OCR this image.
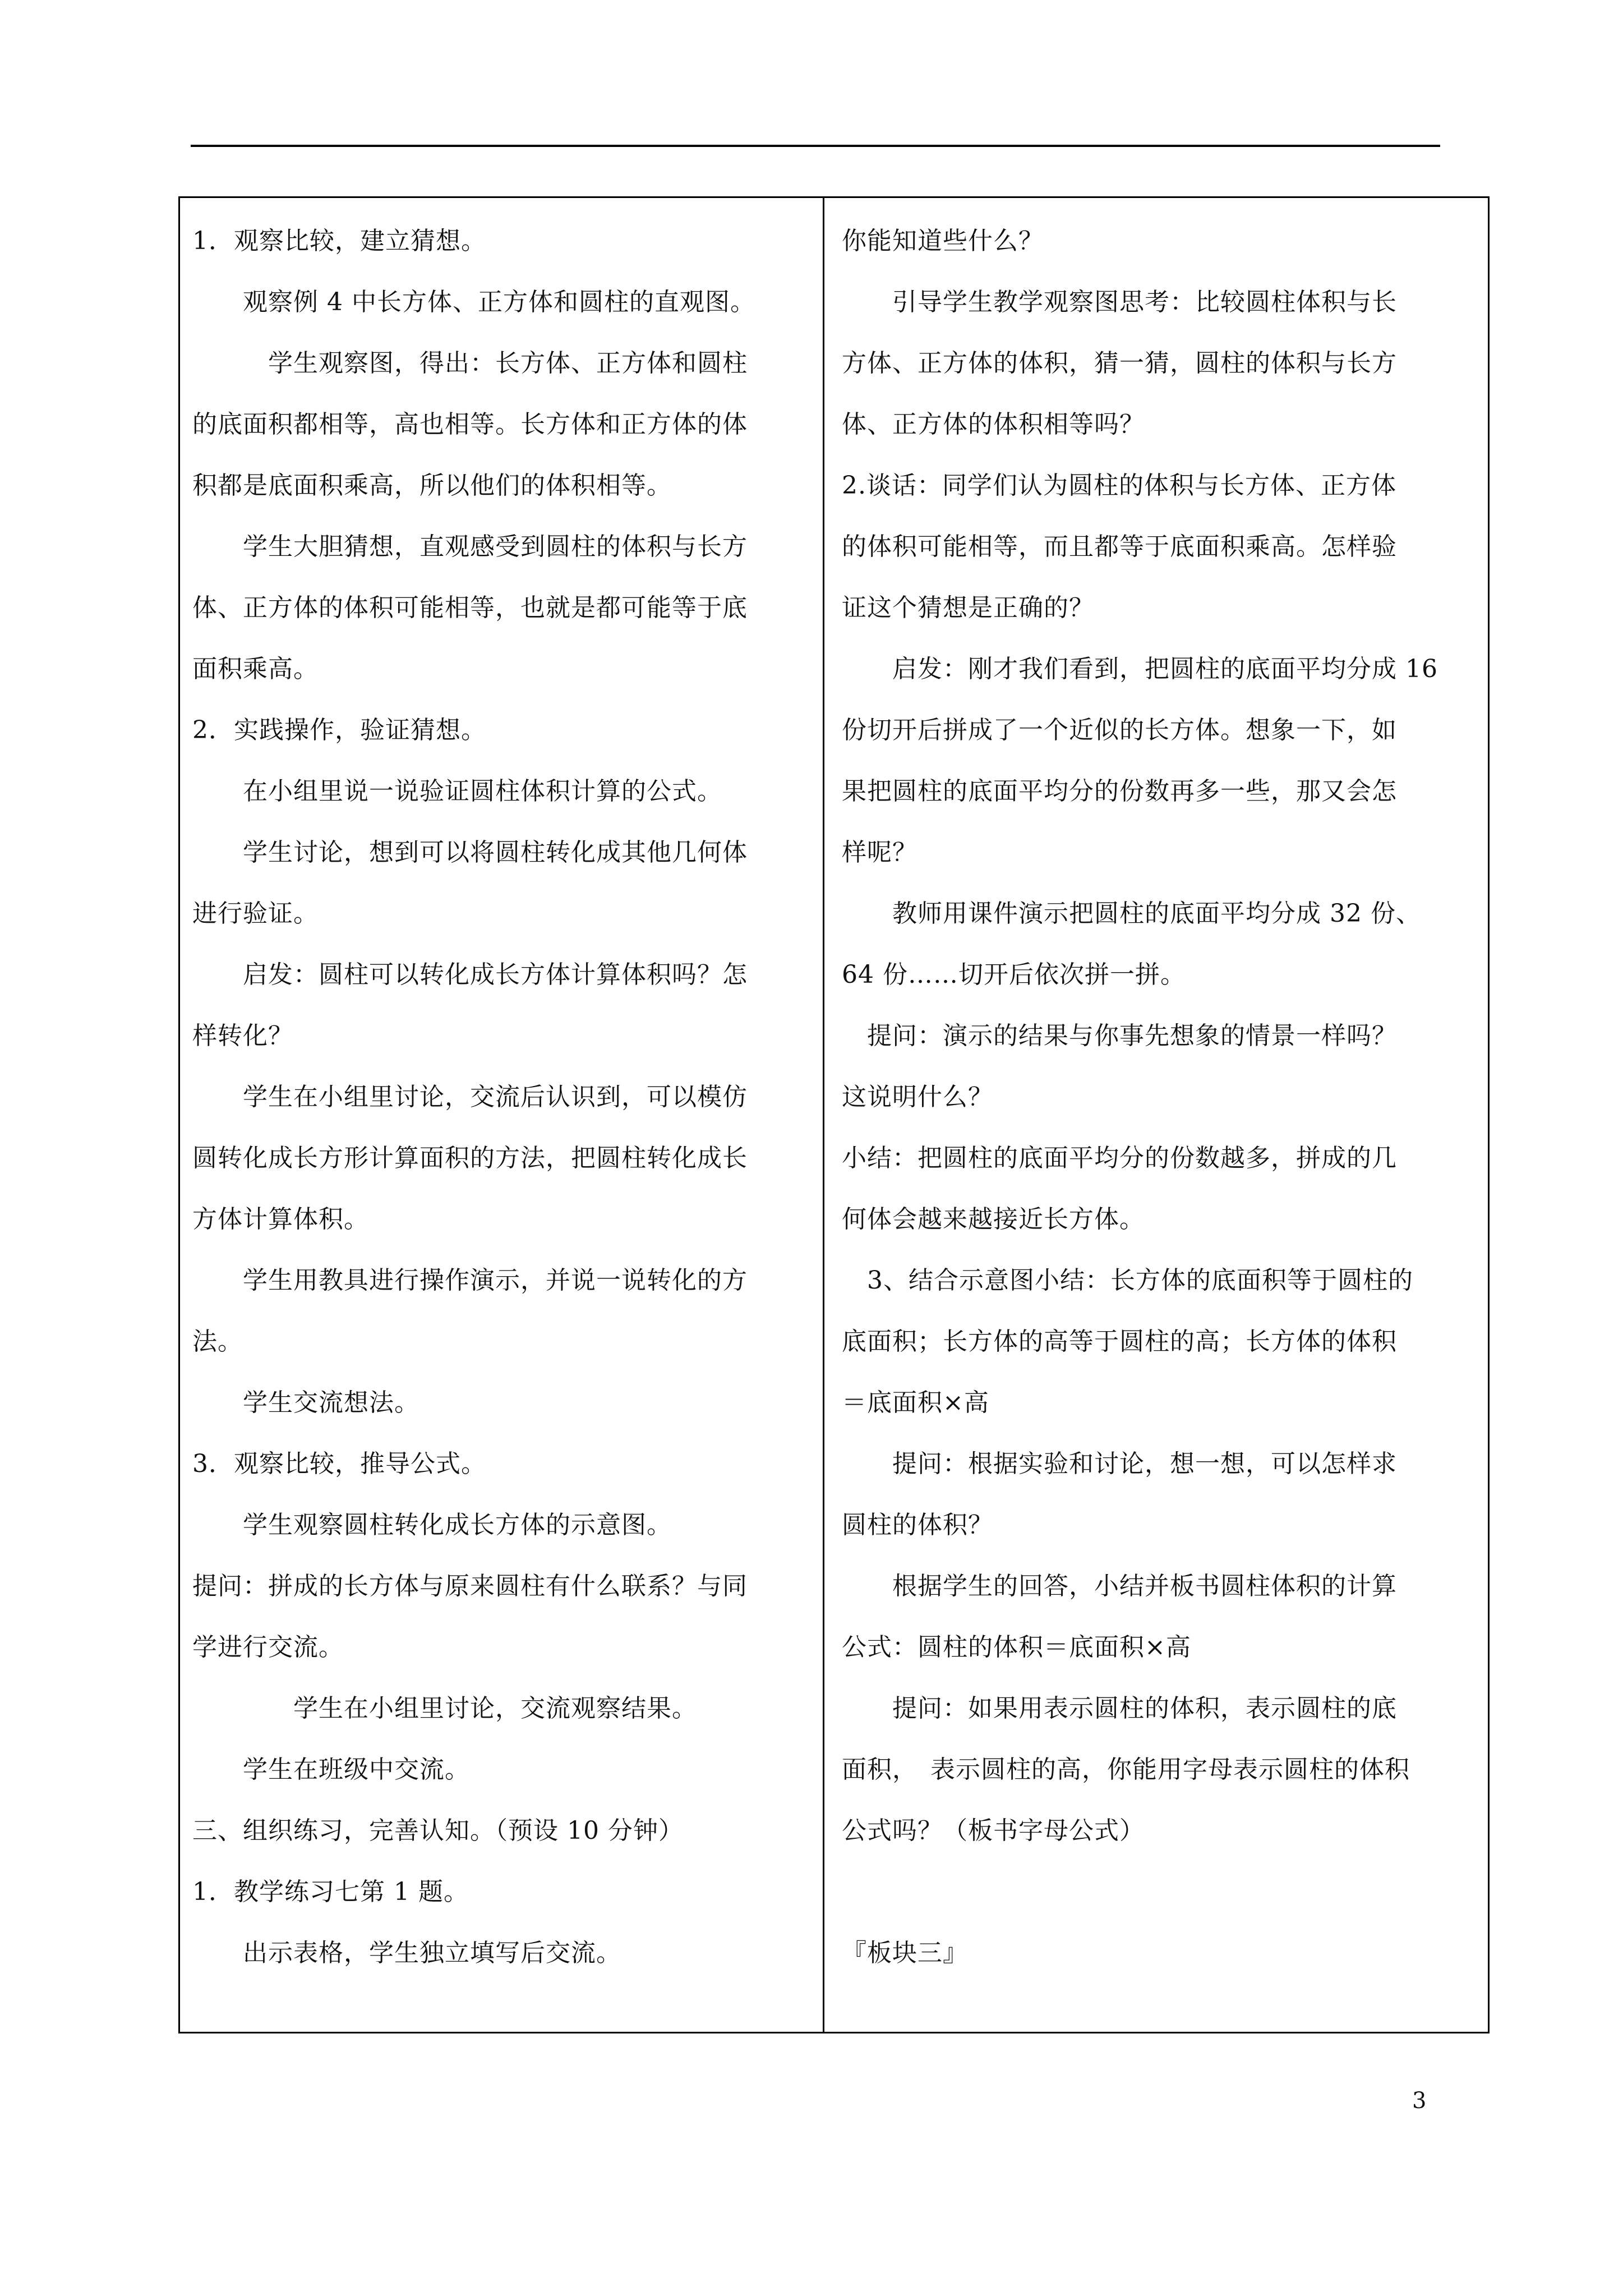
1．观察比较，建立猜想。
　　观察例 4 中长方体、正方体和圆柱的直观图。
　　　学生观察图，得出：长方体、正方体和圆柱
的底面积都相等，高也相等。长方体和正方体的体
积都是底面积乘高，所以他们的体积相等。
　　学生大胆猜想，直观感受到圆柱的体积与长方
体、正方体的体积可能相等，也就是都可能等于底
面积乘高。
2．实践操作，验证猜想。
　　在小组里说一说验证圆柱体积计算的公式。
　　学生讨论，想到可以将圆柱转化成其他几何体
进行验证。
　　启发：圆柱可以转化成长方体计算体积吗？怎
样转化？
　　学生在小组里讨论，交流后认识到，可以模仿
圆转化成长方形计算面积的方法，把圆柱转化成长
方体计算体积。
　　学生用教具进行操作演示，并说一说转化的方
法。
　　学生交流想法。
3．观察比较，推导公式。
　　学生观察圆柱转化成长方体的示意图。
提问：拼成的长方体与原来圆柱有什么联系？与同
学进行交流。
　　　　学生在小组里讨论，交流观察结果。
　　学生在班级中交流。
三、组织练习，完善认知。（预设 10 分钟）
1．教学练习七第 1 题。
　　出示表格，学生独立填写后交流。
你能知道些什么？
　　引导学生教学观察图思考：比较圆柱体积与长
方体、正方体的体积，猜一猜，圆柱的体积与长方
体、正方体的体积相等吗？
2.谈话：同学们认为圆柱的体积与长方体、正方体
的体积可能相等，而且都等于底面积乘高。怎样验
证这个猜想是正确的？
　　启发：刚才我们看到，把圆柱的底面平均分成 16
份切开后拼成了一个近似的长方体。想象一下，如
果把圆柱的底面平均分的份数再多一些，那又会怎
样呢？
　　教师用课件演示把圆柱的底面平均分成 32 份、
64 份……切开后依次拼一拼。
　提问：演示的结果与你事先想象的情景一样吗？
这说明什么？
小结：把圆柱的底面平均分的份数越多，拼成的几
何体会越来越接近长方体。
　3、结合示意图小结：长方体的底面积等于圆柱的
底面积；长方体的高等于圆柱的高；长方体的体积
＝底面积×高
　　提问：根据实验和讨论，想一想，可以怎样求
圆柱的体积？
　　根据学生的回答，小结并板书圆柱体积的计算
公式：圆柱的体积＝底面积×高
　　提问：如果用表示圆柱的体积，表示圆柱的底
面积，　表示圆柱的高，你能用字母表示圆柱的体积
公式吗？（板书字母公式）
『板块三』
3
